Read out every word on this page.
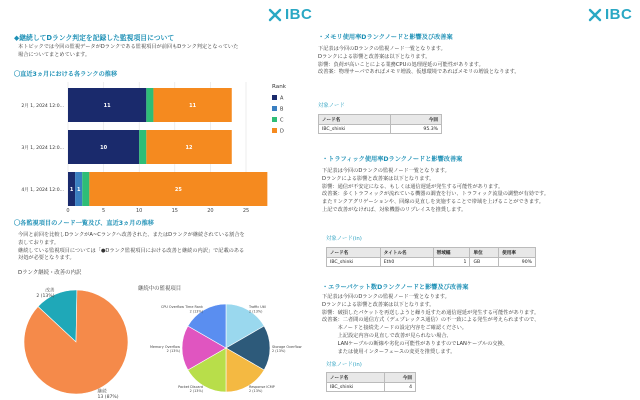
IBC	IBC
◆継続してDランク判定を記録した監視項目について
本トピックでは今回の監視データがDランクである監視項目が前回もDランク判定となっていた
場合についてまとめています。
〇直近3ヵ月における各ランクの推移
0	5	10	15	20	25
2月 1, 2024 12:0...	11	11
3月 1, 2024 12:0...	10	12
4月 1, 2024 12:0... 1 1	25
Rank
A
B
C
D
〇各監視項目のノード一覧及び、直近3ヵ月の推移
今回と前回を比較しDランクがA~Cランクへ改善された、またはDランクが継続されている割合を
表しております。
継続している監視項目については「●Dランク監視項目における改善と継続の内訳」で記載のある
対処が必要となります。
Dランク継続・改善の内訳
継続中の監視項目
改善
2 (13%)
継続
13 (87%)
Traffic Util
2 (13%)
Storage Overflow
2 (13%)
Response ICMP
2 (13%)
Packet Discard
2 (13%)
Memory Overflow
2 (13%)
CPU Overflow Time Rank
2 (13%)
・メモリ使用率Dランクノードと影響及び改善案
下記表は今回のDランクの監視ノード一覧となります。
Dランクによる影響と改善案は以下となります。
影響：負荷が高いことによる業務CPUの処理遅延の可能性があります。
改善案：物理サーバであればメモリ増設、仮想環境であればメモリの増設となります。
対象ノード
ノード名	今回
IBC_shinki	95.3%
・トラフィック使用率Dランクノードと影響改善案
下記表は今回のDランクの監視ノード一覧となります。
Dランクによる影響と改善案は以下となります。
影響：通信が不安定になる、もしくは通信遅延が発生する可能性があります。
改善案：多くトラフィックが流れている機器の調査を行い、トラフィック流量の調整が有効です。
またリンクアグリゲーションや、回線の見直しを実施することで帯域を上げることができます。
上記で改善がなければ、対象機器のリプレイスを推奨します。
対象ノード(in)
ノード名	タイトル名	帯域幅	単位	使用率
IBC_shinki	Eth0	1	GB	90%
・エラーパケット数Dランクノードと影響及び改善案
下記表は今回のDランクの監視ノード一覧となります。
Dランクによる影響と改善案は以下となります。
影響：破損したパケットを再送しようと繰り返すため通信遅延が発生する可能性があります。
改善案：二者間の通信方式（デュプレックス通信）の不一致による発生が考えられますので、
　　　本ノードと接続先ノードの設定内容をご確認ください。
　　　上記設定内容の見直しで改善が見られない場合、
　　　LANケーブルの断線や劣化の可能性がありますのでLANケーブルの交換、
　　　または使用インターフェースの変更を推奨します。
対象ノード(in)
ノード名	今回
IBC_shinki	4
